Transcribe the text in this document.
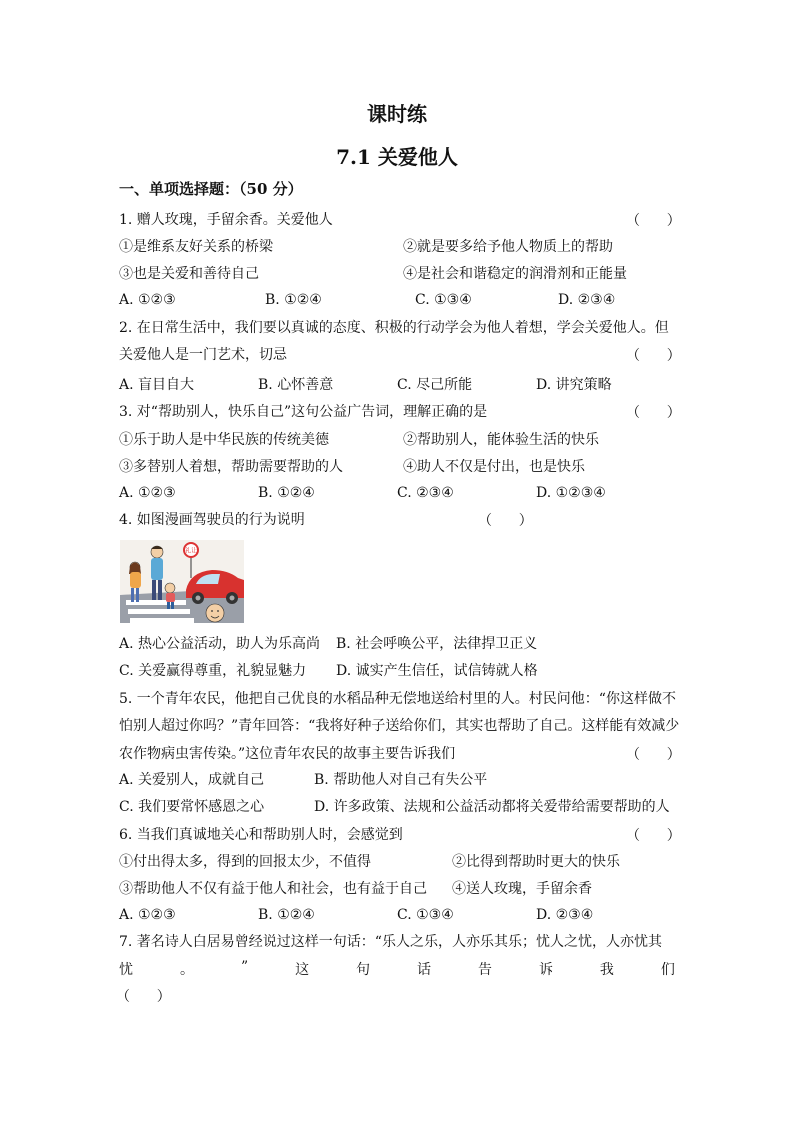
课时练
7.1 关爱他人
一、单项选择题：（50 分）
1. 赠人玫瑰，手留余香。关爱他人	（      ）
①是维系友好关系的桥梁	②就是要多给予他人物质上的帮助
③也是关爱和善待自己	④是社会和谐稳定的润滑剂和正能量
A. ①②③	B. ①②④	C. ①③④	D. ②③④
2. 在日常生活中，我们要以真诚的态度、积极的行动学会为他人着想，学会关爱他人。但
关爱他人是一门艺术，切忌	（      ）
A. 盲目自大	B. 心怀善意	C. 尽己所能	D. 讲究策略
3. 对“帮助别人，快乐自己”这句公益广告词，理解正确的是	（      ）
①乐于助人是中华民族的传统美德	②帮助别人，能体验生活的快乐
③多替别人着想，帮助需要帮助的人	④助人不仅是付出，也是快乐
A. ①②③	B. ①②④	C. ②③④	D. ①②③④
4. 如图漫画驾驶员的行为说明	（      ）
礼让
A. 热心公益活动，助人为乐高尚 B. 社会呼唤公平，法律捍卫正义
C. 关爱赢得尊重，礼貌显魅力 D. 诚实产生信任，试信铸就人格
5. 一个青年农民，他把自己优良的水稻品种无偿地送给村里的人。村民问他：“你这样做不
怕别人超过你吗？”青年回答：“我将好种子送给你们，其实也帮助了自己。这样能有效减少
农作物病虫害传染。”这位青年农民的故事主要告诉我们	（      ）
A. 关爱别人，成就自己	B. 帮助他人对自己有失公平
C. 我们要常怀感恩之心	D. 许多政策、法规和公益活动都将关爱带给需要帮助的人
6. 当我们真诚地关心和帮助别人时，会感觉到	（      ）
①付出得太多，得到的回报太少，不值得	②比得到帮助时更大的快乐
③帮助他人不仅有益于他人和社会，也有益于自己 ④送人玫瑰，手留余香
A. ①②③	B. ①②④	C. ①③④	D. ②③④
7. 著名诗人白居易曾经说过这样一句话：“乐人之乐，人亦乐其乐；忧人之忧，人亦忧其
忧	。	”	这	句	话	告	诉	我	们
（      ）
